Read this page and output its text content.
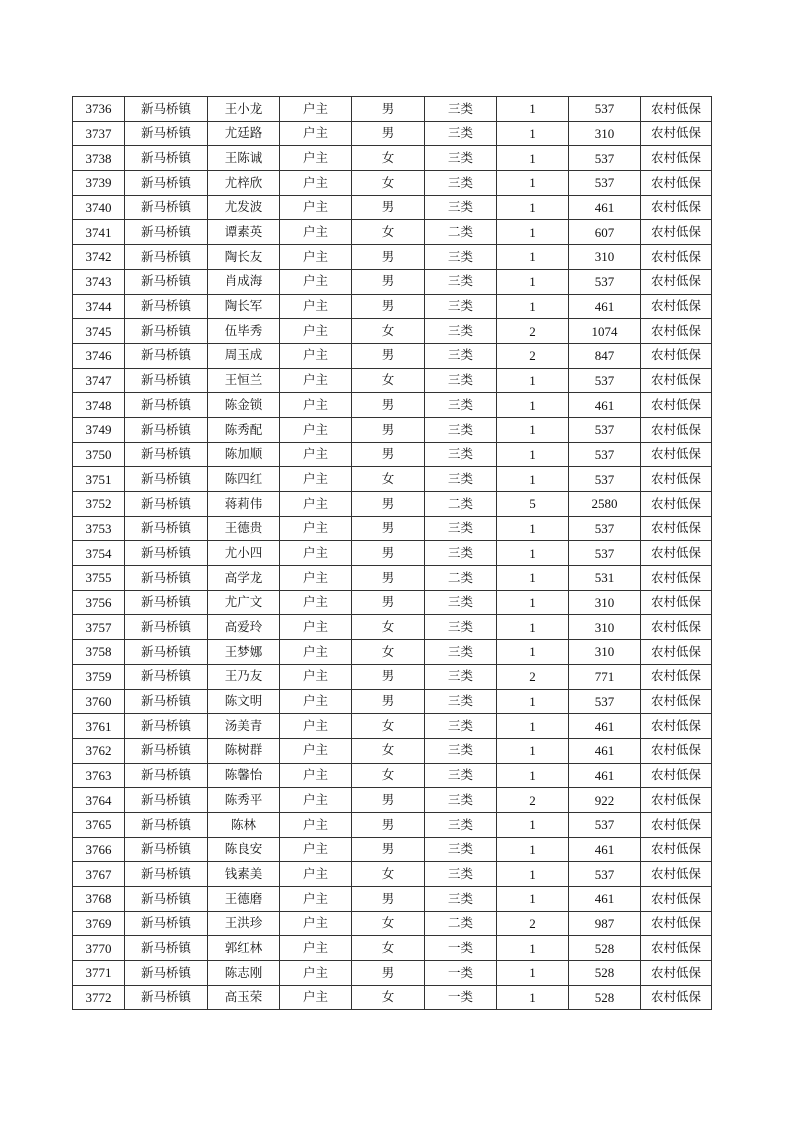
3736	新马桥镇	王小龙	户主	男	三类	1	537	农村低保
3737	新马桥镇	尤廷路	户主	男	三类	1	310	农村低保
3738	新马桥镇	王陈诚	户主	女	三类	1	537	农村低保
3739	新马桥镇	尤梓欣	户主	女	三类	1	537	农村低保
3740	新马桥镇	尤发波	户主	男	三类	1	461	农村低保
3741	新马桥镇	谭素英	户主	女	二类	1	607	农村低保
3742	新马桥镇	陶长友	户主	男	三类	1	310	农村低保
3743	新马桥镇	肖成海	户主	男	三类	1	537	农村低保
3744	新马桥镇	陶长军	户主	男	三类	1	461	农村低保
3745	新马桥镇	伍毕秀	户主	女	三类	2	1074	农村低保
3746	新马桥镇	周玉成	户主	男	三类	2	847	农村低保
3747	新马桥镇	王恒兰	户主	女	三类	1	537	农村低保
3748	新马桥镇	陈金锁	户主	男	三类	1	461	农村低保
3749	新马桥镇	陈秀配	户主	男	三类	1	537	农村低保
3750	新马桥镇	陈加顺	户主	男	三类	1	537	农村低保
3751	新马桥镇	陈四红	户主	女	三类	1	537	农村低保
3752	新马桥镇	蒋莉伟	户主	男	二类	5	2580	农村低保
3753	新马桥镇	王德贵	户主	男	三类	1	537	农村低保
3754	新马桥镇	尤小四	户主	男	三类	1	537	农村低保
3755	新马桥镇	高学龙	户主	男	二类	1	531	农村低保
3756	新马桥镇	尤广文	户主	男	三类	1	310	农村低保
3757	新马桥镇	高爱玲	户主	女	三类	1	310	农村低保
3758	新马桥镇	王梦娜	户主	女	三类	1	310	农村低保
3759	新马桥镇	王乃友	户主	男	三类	2	771	农村低保
3760	新马桥镇	陈文明	户主	男	三类	1	537	农村低保
3761	新马桥镇	汤美青	户主	女	三类	1	461	农村低保
3762	新马桥镇	陈树群	户主	女	三类	1	461	农村低保
3763	新马桥镇	陈馨怡	户主	女	三类	1	461	农村低保
3764	新马桥镇	陈秀平	户主	男	三类	2	922	农村低保
3765	新马桥镇	陈林	户主	男	三类	1	537	农村低保
3766	新马桥镇	陈良安	户主	男	三类	1	461	农村低保
3767	新马桥镇	钱素美	户主	女	三类	1	537	农村低保
3768	新马桥镇	王德磨	户主	男	三类	1	461	农村低保
3769	新马桥镇	王洪珍	户主	女	二类	2	987	农村低保
3770	新马桥镇	郭红林	户主	女	一类	1	528	农村低保
3771	新马桥镇	陈志刚	户主	男	一类	1	528	农村低保
3772	新马桥镇	高玉荣	户主	女	一类	1	528	农村低保
